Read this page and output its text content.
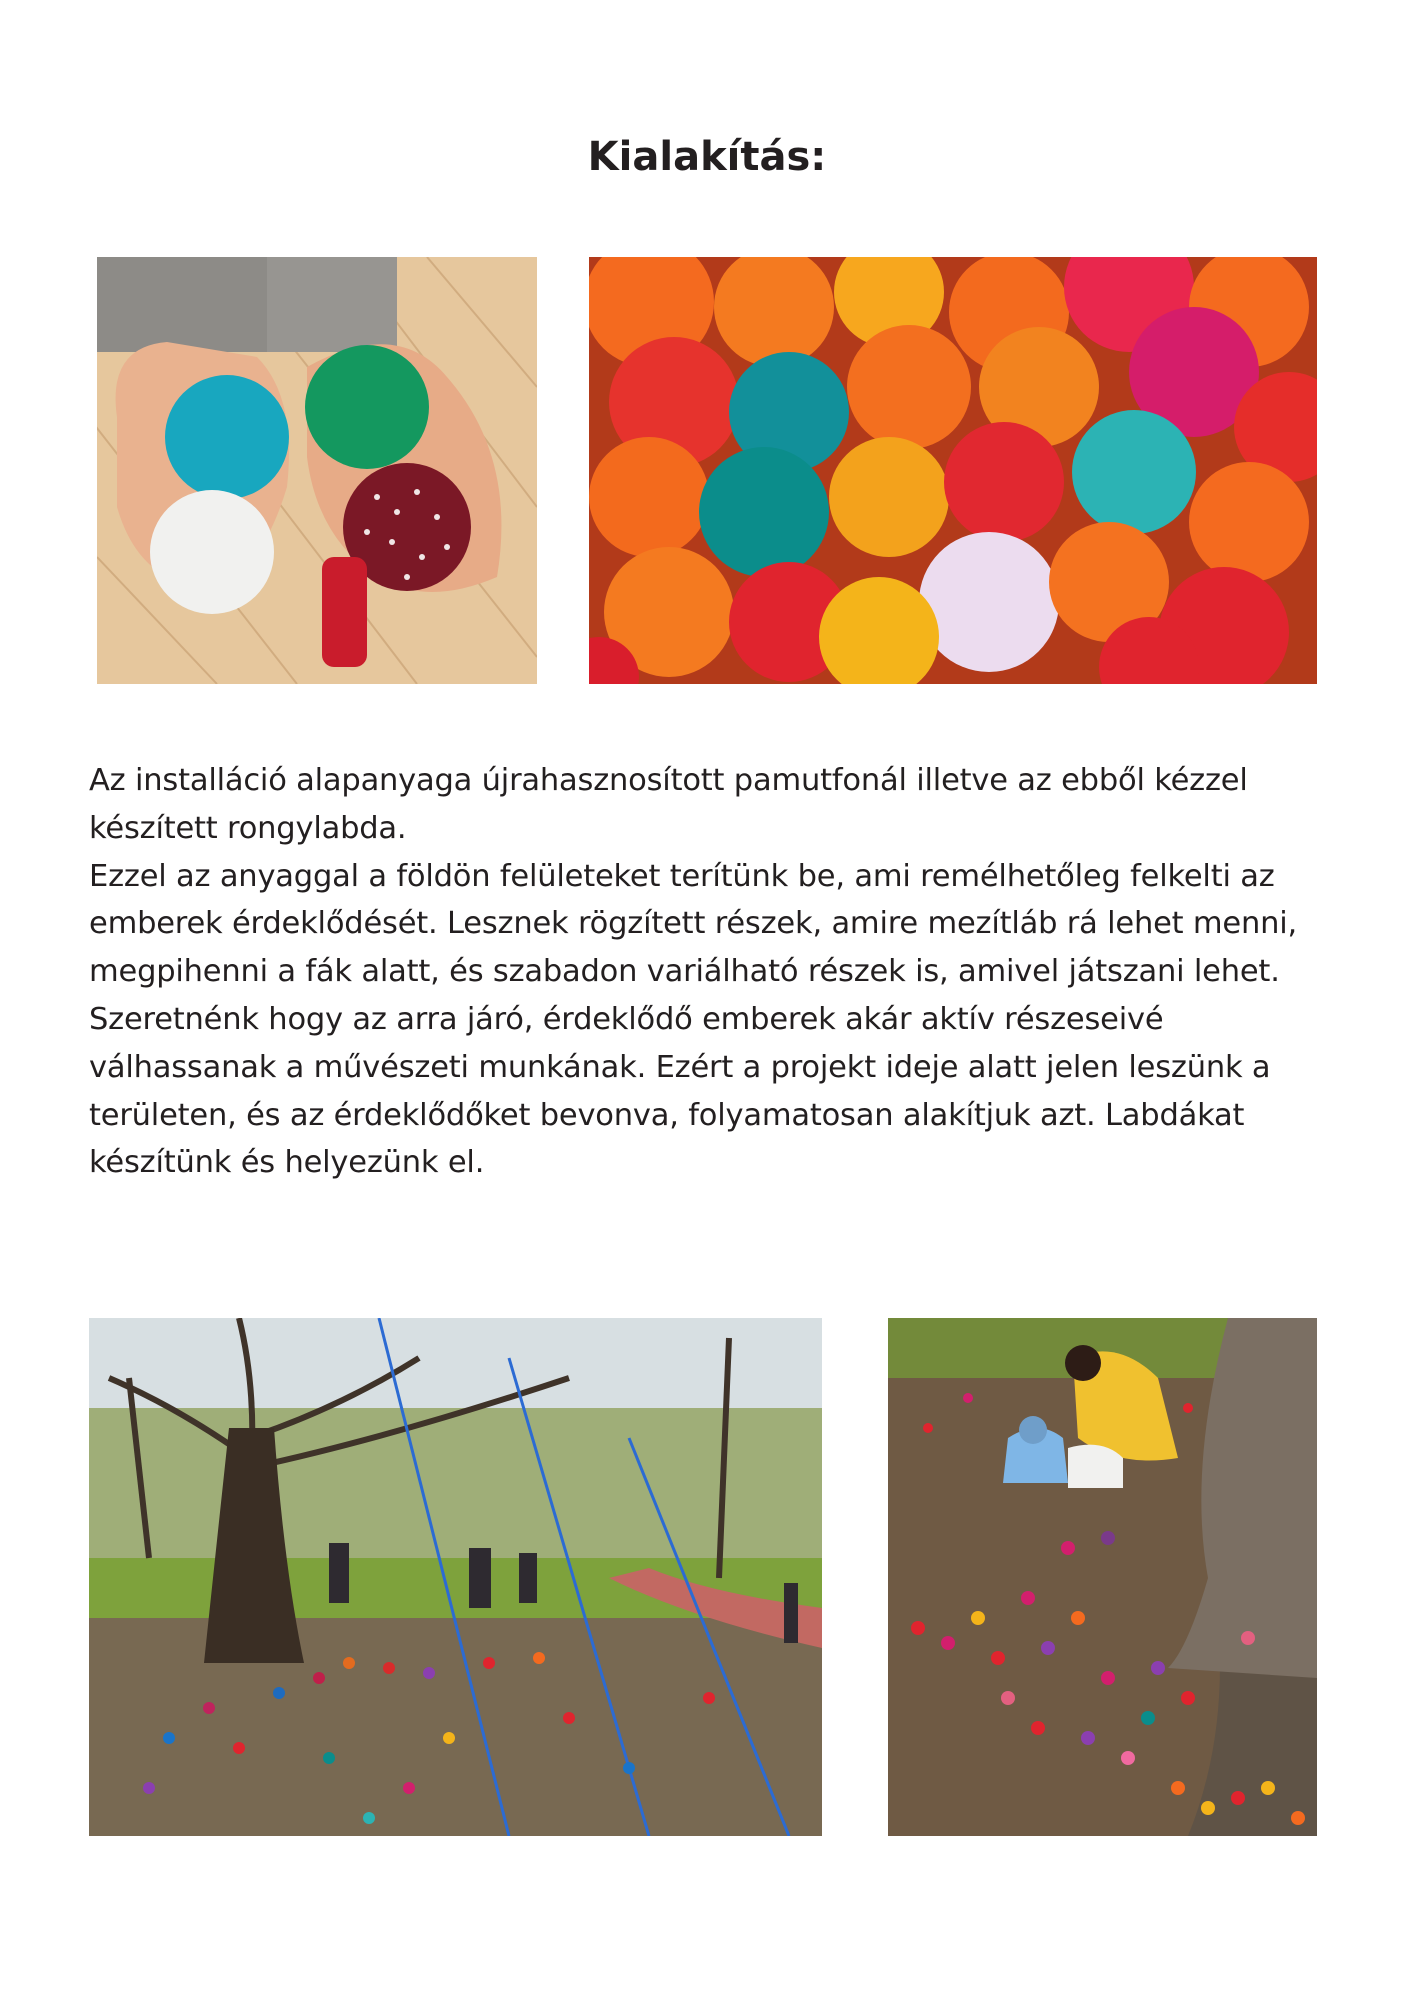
Kialakítás:

Az installáció alapanyaga újrahasznosított pamutfonál illetve az ebből kézzel készített rongylabda.

Ezzel az anyaggal a földön felületeket terítünk be, ami remélhetőleg felkelti az emberek érdeklődését. Lesznek rögzített részek, amire mezítláb rá lehet menni, megpihenni a fák alatt, és szabadon variálható részek is, amivel játszani lehet.

Szeretnénk hogy az arra járó, érdeklődő emberek akár aktív részeseivé válhassanak a művészeti munkának. Ezért a projekt ideje alatt jelen leszünk a területen, és az érdeklődőket bevonva, folyamatosan alakítjuk azt. Labdákat készítünk és helyezünk el.
